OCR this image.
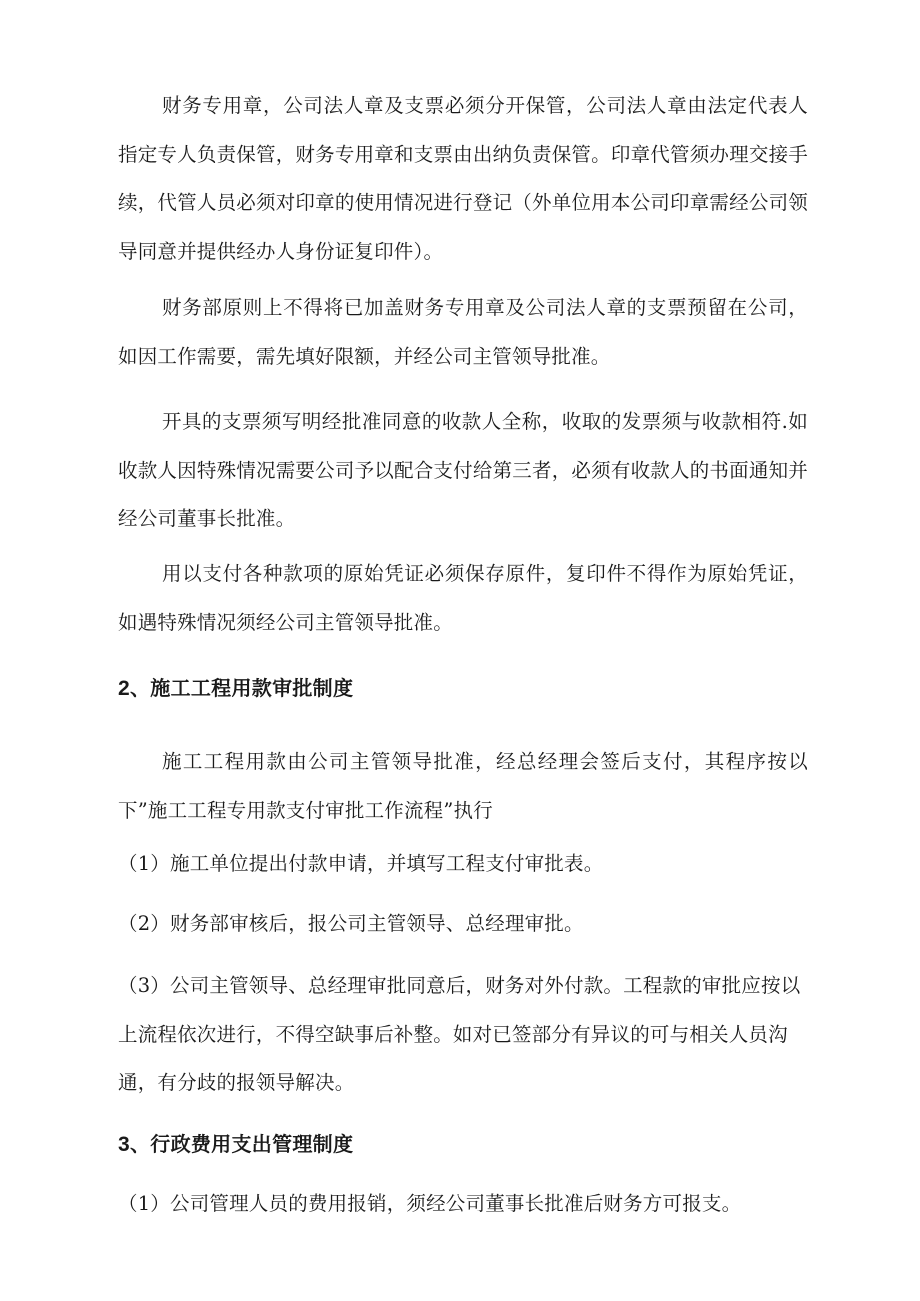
财务专用章，公司法人章及支票必须分开保管，公司法人章由法定代表人指定专人负责保管，财务专用章和支票由出纳负责保管。印章代管须办理交接手续，代管人员必须对印章的使用情况进行登记（外单位用本公司印章需经公司领导同意并提供经办人身份证复印件）。

财务部原则上不得将已加盖财务专用章及公司法人章的支票预留在公司，如因工作需要，需先填好限额，并经公司主管领导批准。

开具的支票须写明经批准同意的收款人全称，收取的发票须与收款相符.如收款人因特殊情况需要公司予以配合支付给第三者，必须有收款人的书面通知并经公司董事长批准。

用以支付各种款项的原始凭证必须保存原件，复印件不得作为原始凭证，如遇特殊情况须经公司主管领导批准。

2、施工工程用款审批制度

施工工程用款由公司主管领导批准，经总经理会签后支付，其程序按以下”施工工程专用款支付审批工作流程”执行

（1）施工单位提出付款申请，并填写工程支付审批表。

（2）财务部审核后，报公司主管领导、总经理审批。

（3）公司主管领导、总经理审批同意后，财务对外付款。工程款的审批应按以上流程依次进行，不得空缺事后补整。如对已签部分有异议的可与相关人员沟通，有分歧的报领导解决。

3、行政费用支出管理制度

（1）公司管理人员的费用报销，须经公司董事长批准后财务方可报支。
